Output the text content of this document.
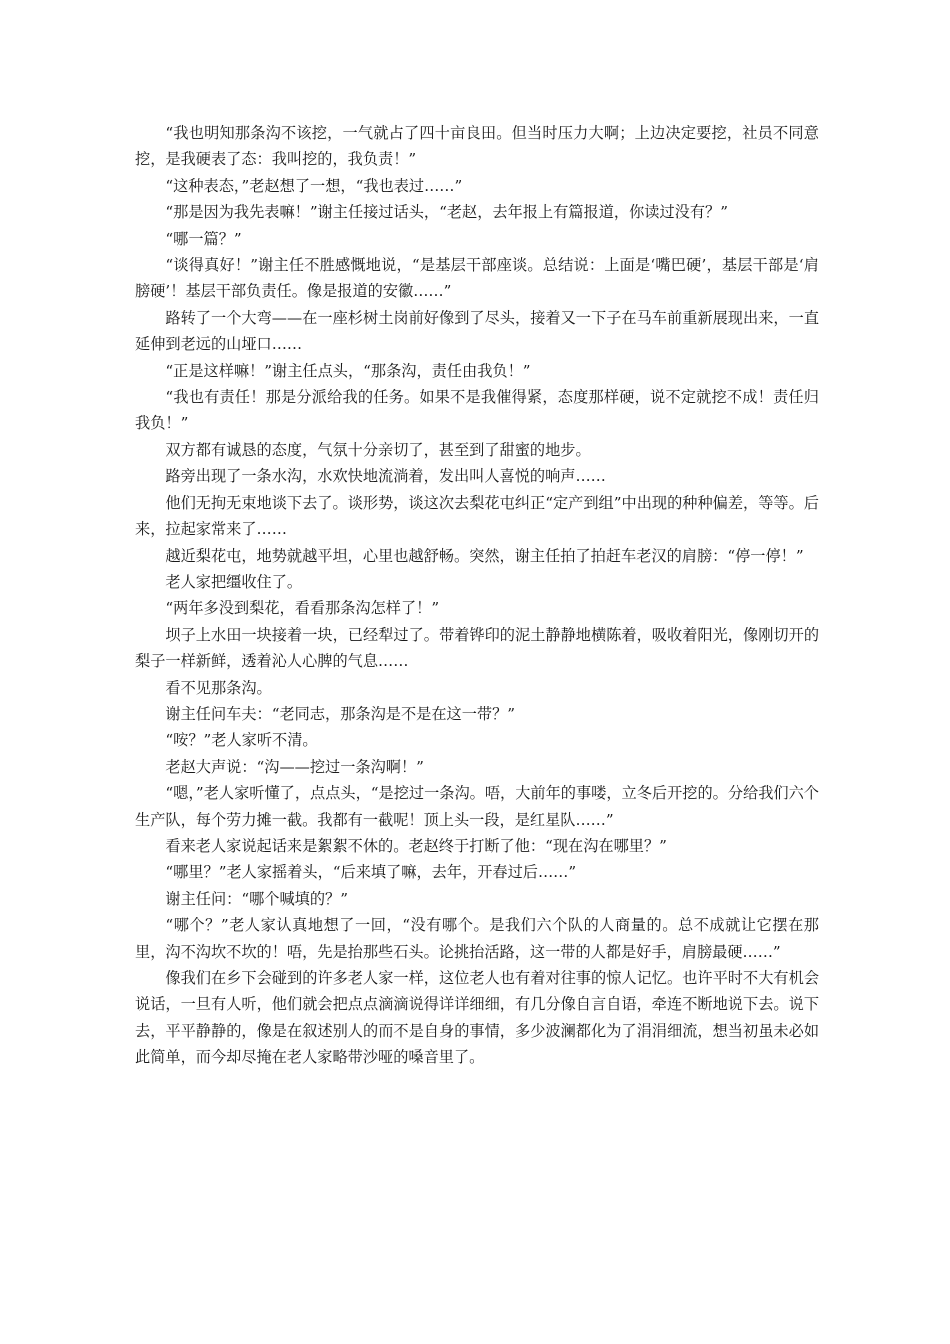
“我也明知那条沟不该挖，一气就占了四十亩良田。但当时压力大啊；上边决定要挖，社员不同意挖，是我硬表了态：我叫挖的，我负责！”

“这种表态，”老赵想了一想，“我也表过……”

“那是因为我先表嘛！”谢主任接过话头，“老赵，去年报上有篇报道，你读过没有？”

“哪一篇？”

“谈得真好！”谢主任不胜感慨地说，“是基层干部座谈。总结说：上面是‘嘴巴硬’，基层干部是‘肩膀硬’！基层干部负责任。像是报道的安徽……”

路转了一个大弯——在一座杉树土岗前好像到了尽头，接着又一下子在马车前重新展现出来，一直延伸到老远的山垭口……

“正是这样嘛！”谢主任点头，“那条沟，责任由我负！”

“我也有责任！那是分派给我的任务。如果不是我催得紧，态度那样硬，说不定就挖不成！责任归我负！”

双方都有诚恳的态度，气氛十分亲切了，甚至到了甜蜜的地步。

路旁出现了一条水沟，水欢快地流淌着，发出叫人喜悦的响声……

他们无拘无束地谈下去了。谈形势，谈这次去梨花屯纠正“定产到组”中出现的种种偏差，等等。后来，拉起家常来了……

越近梨花屯，地势就越平坦，心里也越舒畅。突然，谢主任拍了拍赶车老汉的肩膀：“停一停！”

老人家把缰收住了。

“两年多没到梨花，看看那条沟怎样了！”

坝子上水田一块接着一块，已经犁过了。带着铧印的泥土静静地横陈着，吸收着阳光，像刚切开的梨子一样新鲜，透着沁人心脾的气息……

看不见那条沟。

谢主任问车夫：“老同志，那条沟是不是在这一带？”

“咹？”老人家听不清。

老赵大声说：“沟——挖过一条沟啊！”

“嗯，”老人家听懂了，点点头，“是挖过一条沟。唔，大前年的事喽，立冬后开挖的。分给我们六个生产队，每个劳力摊一截。我都有一截呢！顶上头一段，是红星队……”

看来老人家说起话来是絮絮不休的。老赵终于打断了他：“现在沟在哪里？”

“哪里？”老人家摇着头，“后来填了嘛，去年，开春过后……”

谢主任问：“哪个喊填的？”

“哪个？”老人家认真地想了一回，“没有哪个。是我们六个队的人商量的。总不成就让它摆在那里，沟不沟坎不坎的！唔，先是抬那些石头。论挑抬活路，这一带的人都是好手，肩膀最硬……”

像我们在乡下会碰到的许多老人家一样，这位老人也有着对往事的惊人记忆。也许平时不大有机会说话，一旦有人听，他们就会把点点滴滴说得详详细细，有几分像自言自语，牵连不断地说下去。说下去，平平静静的，像是在叙述别人的而不是自身的事情，多少波澜都化为了涓涓细流，想当初虽未必如此简单，而今却尽掩在老人家略带沙哑的嗓音里了。
